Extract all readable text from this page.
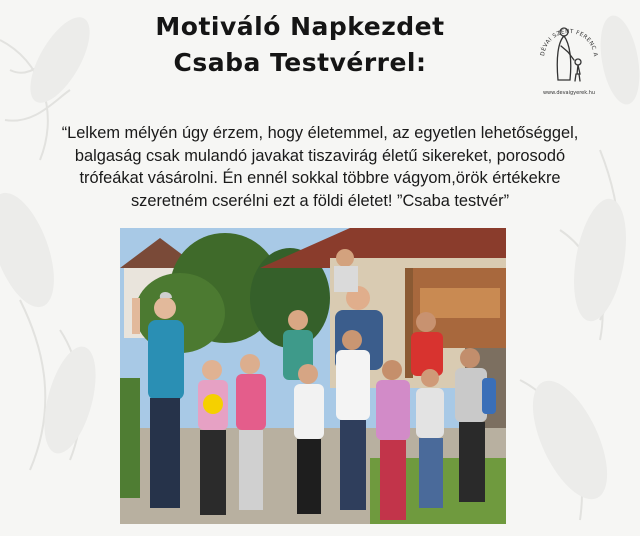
Motiváló Napkezdet
Csaba Testvérrel:	DÉVAI SZENT FERENC A
www.devaigyerek.hu

“Lelkem mélyén úgy érzem, hogy életemmel, az egyetlen lehetőséggel,
balgaság csak mulandó javakat tiszavirág életű sikereket, porosodó
trófeákat vásárolni. Én ennél sokkal többre vágyom,örök értékekre
szeretném cserélni ezt a földi életet! ”Csaba testvér”
